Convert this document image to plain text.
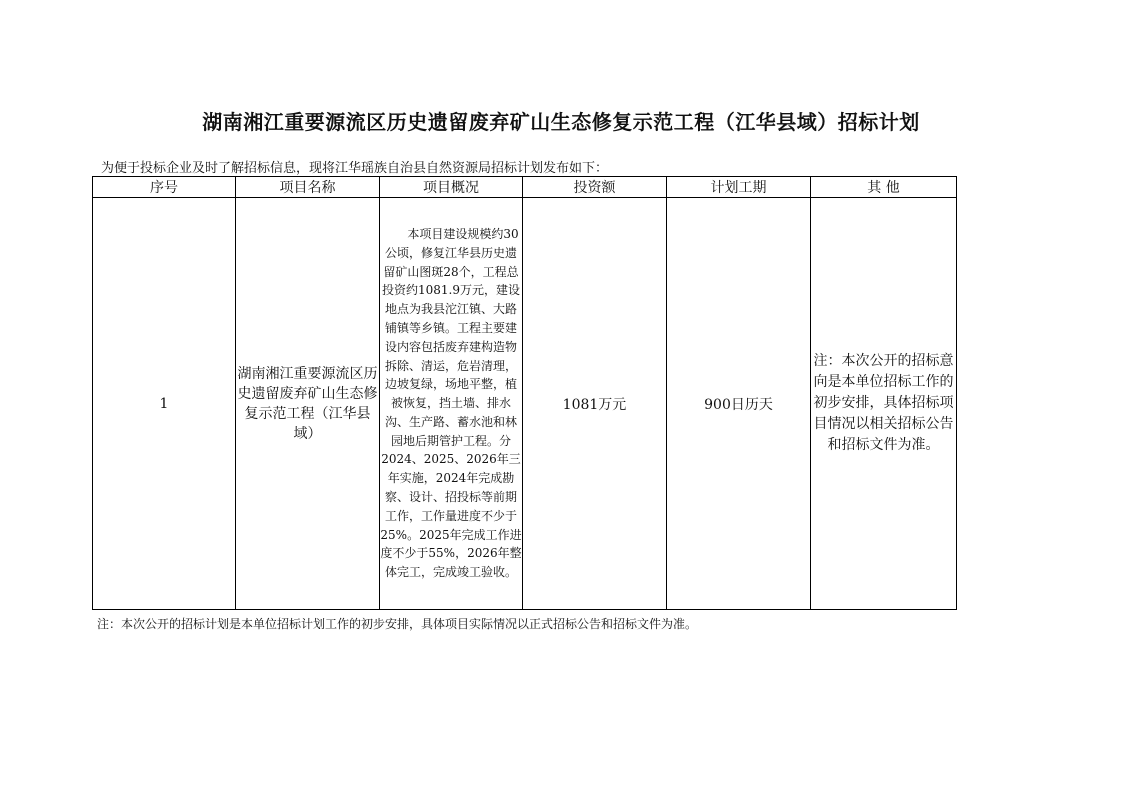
湖南湘江重要源流区历史遗留废弃矿山生态修复示范工程（江华县域）招标计划
为便于投标企业及时了解招标信息，现将江华瑶族自治县自然资源局招标计划发布如下：
序号	项目名称	项目概况	投资额	计划工期	其 他
1	湖南湘江重要源流区历史遗留废弃矿山生态修复示范工程（江华县域）	本项目建设规模约30公顷，修复江华县历史遗留矿山图斑28个，工程总投资约1081.9万元，建设地点为我县沱江镇、大路铺镇等乡镇。工程主要建设内容包括废弃建构造物拆除、清运，危岩清理，边坡复绿，场地平整，植被恢复，挡土墙、排水沟、生产路、蓄水池和林园地后期管护工程。分2024、2025、2026年三年实施，2024年完成勘察、设计、招投标等前期工作，工作量进度不少于25%。2025年完成工作进度不少于55%，2026年整体完工，完成竣工验收。	1081万元	900日历天	注：本次公开的招标意向是本单位招标工作的初步安排，具体招标项目情况以相关招标公告和招标文件为准。
注：本次公开的招标计划是本单位招标计划工作的初步安排，具体项目实际情况以正式招标公告和招标文件为准。
